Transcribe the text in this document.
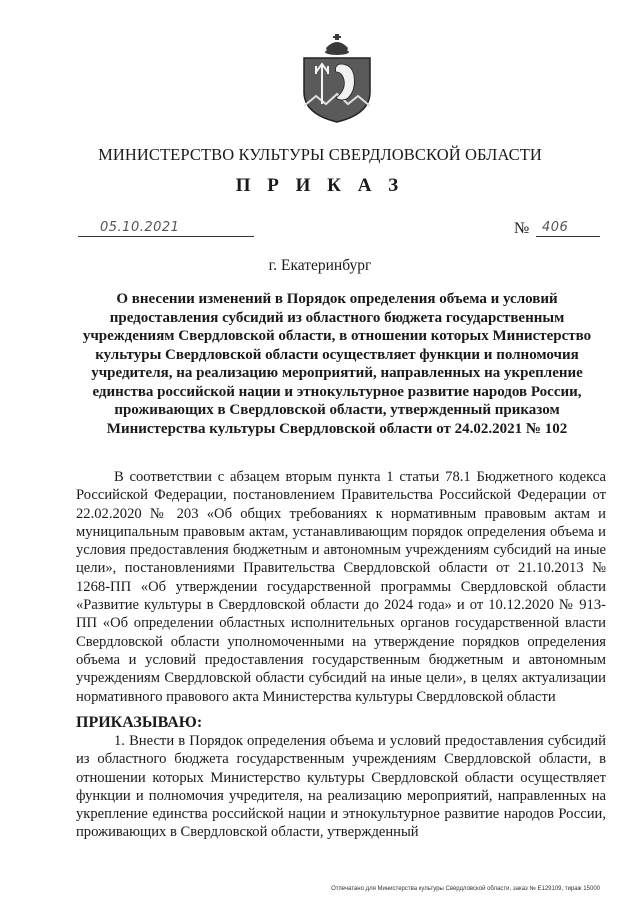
МИНИСТЕРСТВО КУЛЬТУРЫ СВЕРДЛОВСКОЙ ОБЛАСТИ
П Р И К А З
05.10.2021	№ 406
г. Екатеринбург
О внесении изменений в Порядок определения объема и условий предоставления субсидий из областного бюджета государственным учреждениям Свердловской области, в отношении которых Министерство культуры Свердловской области осуществляет функции и полномочия учредителя, на реализацию мероприятий, направленных на укрепление единства российской нации и этнокультурное развитие народов России, проживающих в Свердловской области, утвержденный приказом Министерства культуры Свердловской области от 24.02.2021 № 102
В соответствии с абзацем вторым пункта 1 статьи 78.1 Бюджетного кодекса Российской Федерации, постановлением Правительства Российской Федерации от 22.02.2020 № 203 «Об общих требованиях к нормативным правовым актам и муниципальным правовым актам, устанавливающим порядок определения объема и условия предоставления бюджетным и автономным учреждениям субсидий на иные цели», постановлениями Правительства Свердловской области от 21.10.2013 № 1268-ПП «Об утверждении государственной программы Свердловской области «Развитие культуры в Свердловской области до 2024 года» и от 10.12.2020 № 913-ПП «Об определении областных исполнительных органов государственной власти Свердловской области уполномоченными на утверждение порядков определения объема и условий предоставления государственным бюджетным и автономным учреждениям Свердловской области субсидий на иные цели», в целях актуализации нормативного правового акта Министерства культуры Свердловской области
ПРИКАЗЫВАЮ:
1. Внести в Порядок определения объема и условий предоставления субсидий из областного бюджета государственным учреждениям Свердловской области, в отношении которых Министерство культуры Свердловской области осуществляет функции и полномочия учредителя, на реализацию мероприятий, направленных на укрепление единства российской нации и этнокультурное развитие народов России, проживающих в Свердловской области, утвержденный
Отпечатано для Министерства культуры Свердловской области, заказ № Е129109, тираж 15000
